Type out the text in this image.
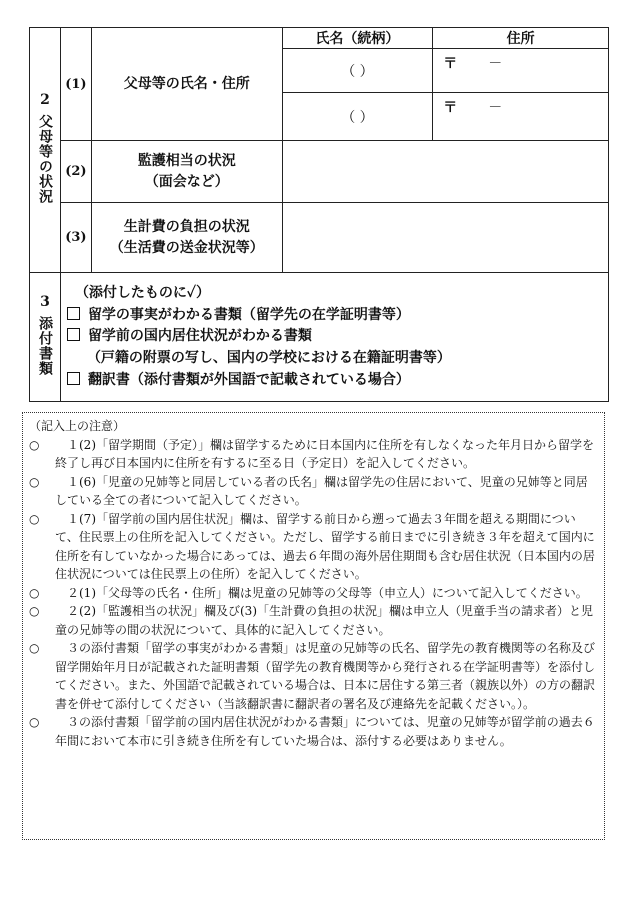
2
父母等の状況	(1)	父母等の氏名・住所	氏名（続柄）	住所
			（ ）	〒 －

			（ ）	〒 －

	(2)	監護相当の状況
（面会など）		
	(3)	生計費の負担の状況
（生活費の送金状況等）		

3
添付書類	（添付したものに✓）
留学の事実がわかる書類（留学先の在学証明書等）
留学前の国内居住状況がわかる書類
（戸籍の附票の写し、国内の学校における在籍証明書等）
翻訳書（添付書類が外国語で記載されている場合）			
（記入上の注意）
○	１(2)「留学期間（予定）」欄は留学するために日本国内に住所を有しなくなった年月日から留学を終了し再び日本国内に住所を有するに至る日（予定日）を記入してください。
○	１(6)「児童の兄姉等と同居している者の氏名」欄は留学先の住居において、児童の兄姉等と同居している全ての者について記入してください。
○	１(7)「留学前の国内居住状況」欄は、留学する前日から遡って過去３年間を超える期間について、住民票上の住所を記入してください。ただし、留学する前日までに引き続き３年を超えて国内に住所を有していなかった場合にあっては、過去６年間の海外居住期間も含む居住状況（日本国内の居住状況については住民票上の住所）を記入してください。
○	２(1)「父母等の氏名・住所」欄は児童の兄姉等の父母等（申立人）について記入してください。
○	２(2)「監護相当の状況」欄及び(3)「生計費の負担の状況」欄は申立人（児童手当の請求者）と児童の兄姉等の間の状況について、具体的に記入してください。
○	３の添付書類「留学の事実がわかる書類」は児童の兄姉等の氏名、留学先の教育機関等の名称及び留学開始年月日が記載された証明書類（留学先の教育機関等から発行される在学証明書等）を添付してください。また、外国語で記載されている場合は、日本に居住する第三者（親族以外）の方の翻訳書を併せて添付してください（当該翻訳書に翻訳者の署名及び連絡先を記載ください。）。
○	３の添付書類「留学前の国内居住状況がわかる書類」については、児童の兄姉等が留学前の過去６年間において本市に引き続き住所を有していた場合は、添付する必要はありません。
